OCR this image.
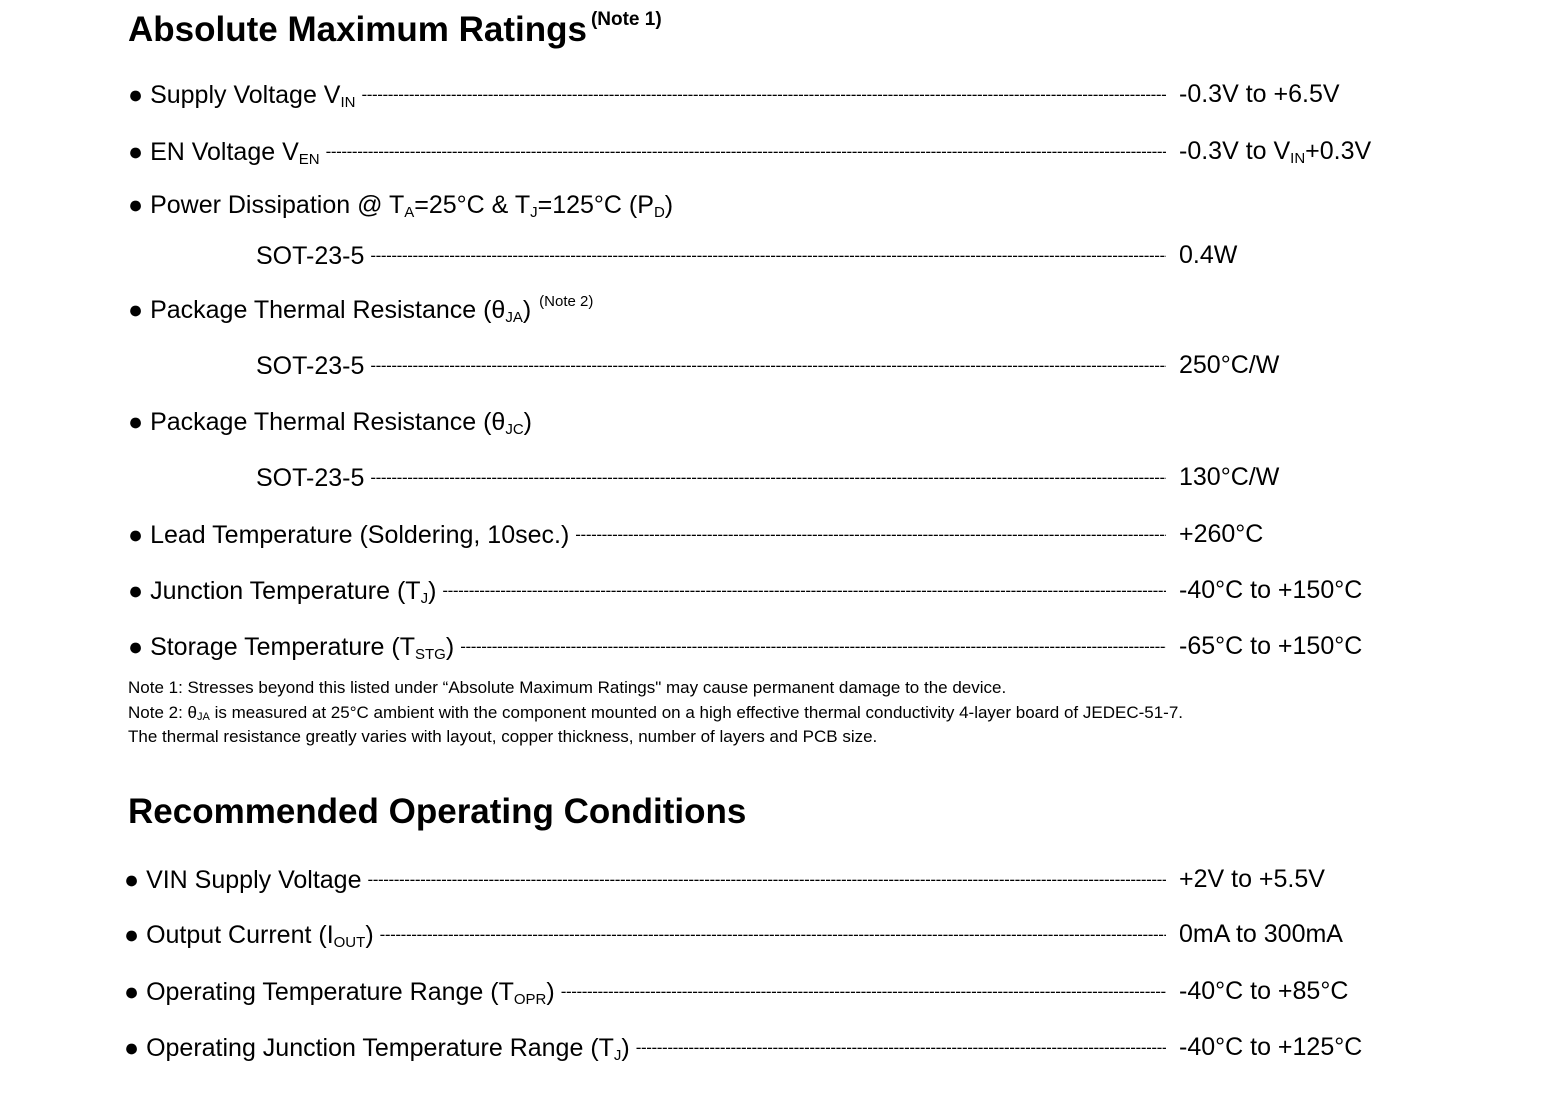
Absolute Maximum Ratings $^{(Note 1)}$
● Supply Voltage $V_{IN}$ -----	-0.3V to +6.5V
● EN Voltage $V_{EN}$ -----	-0.3V to $V_{IN}+0.3V$
● Power Dissipation @ $T_A=25^\circ C$ & $T_J=125^\circ C$ $(P_D)$
SOT-23-5 -----	0.4W
● Package Thermal Resistance $(\theta_{JA})$ $^{(Note 2)}$
SOT-23-5 -----	250°C/W
● Package Thermal Resistance $(\theta_{JC})$
SOT-23-5 -----	130°C/W
● Lead Temperature (Soldering, 10sec.) -----	+260°C
● Junction Temperature $(T_J)$ -----	-40°C to +150°C
● Storage Temperature $(T_{STG})$ -----	-65°C to +150°C
Note 1: Stresses beyond this listed under “Absolute Maximum Ratings" may cause permanent damage to the device.
Note 2: $\theta_{JA}$ is measured at 25°C ambient with the component mounted on a high effective thermal conductivity 4-layer board of JEDEC-51-7.
The thermal resistance greatly varies with layout, copper thickness, number of layers and PCB size.
Recommended Operating Conditions
● VIN Supply Voltage -----	+2V to +5.5V
● Output Current $(I_{OUT})$ -----	0mA to 300mA
● Operating Temperature Range $(T_{OPR})$ -----	-40°C to +85°C
● Operating Junction Temperature Range $(T_J)$ -----	-40°C to +125°C
